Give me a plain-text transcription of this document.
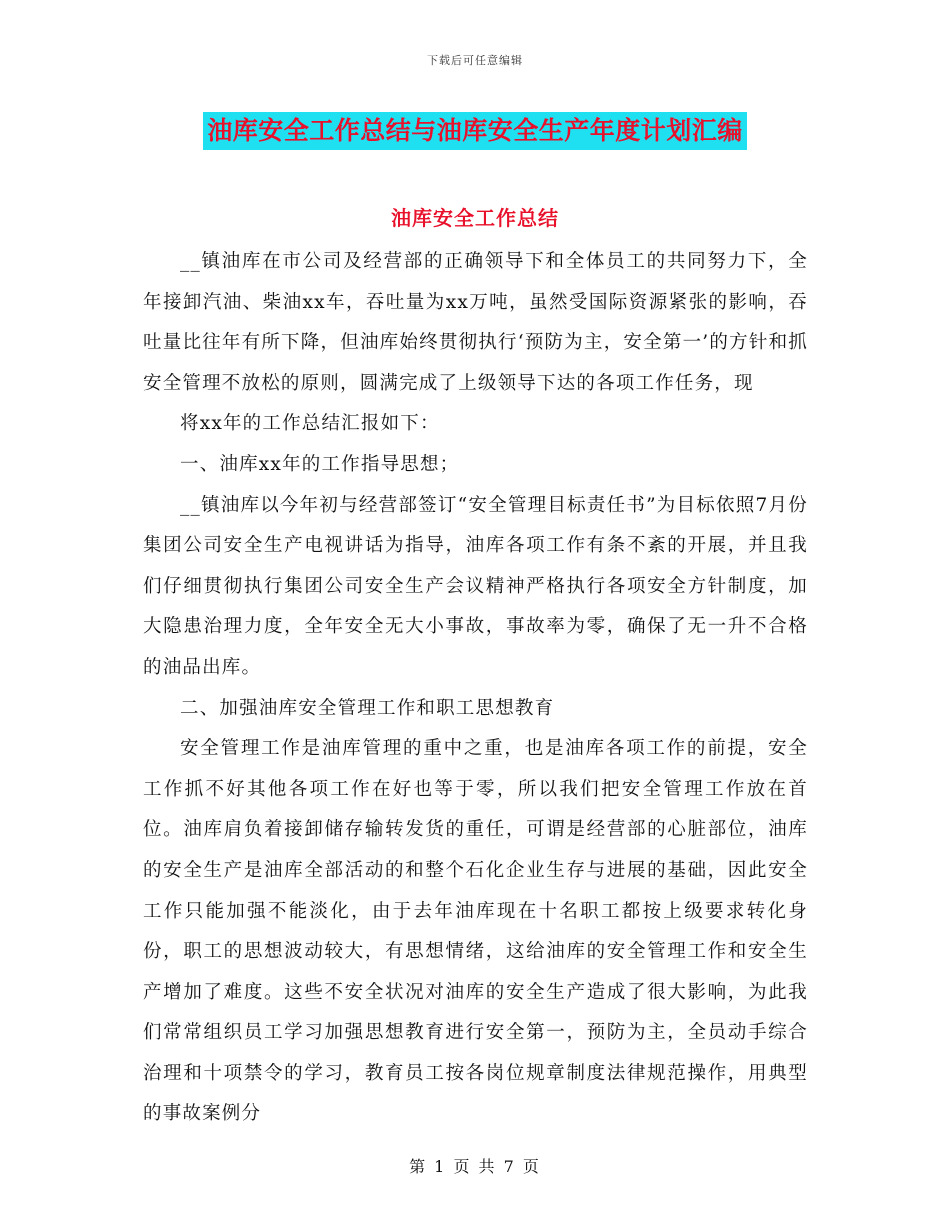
下载后可任意编辑
油库安全工作总结与油库安全生产年度计划汇编
油库安全工作总结

__镇油库在市公司及经营部的正确领导下和全体员工的共同努力下，全年接卸汽油、柴油xx车，吞吐量为xx万吨，虽然受国际资源紧张的影响，吞吐量比往年有所下降，但油库始终贯彻执行‘预防为主，安全第一’的方针和抓安全管理不放松的原则，圆满完成了上级领导下达的各项工作任务，现

将xx年的工作总结汇报如下：

一、油库xx年的工作指导思想；

__镇油库以今年初与经营部签订“安全管理目标责任书”为目标依照7月份集团公司安全生产电视讲话为指导，油库各项工作有条不紊的开展，并且我们仔细贯彻执行集团公司安全生产会议精神严格执行各项安全方针制度，加大隐患治理力度，全年安全无大小事故，事故率为零，确保了无一升不合格的油品出库。

二、加强油库安全管理工作和职工思想教育

安全管理工作是油库管理的重中之重，也是油库各项工作的前提，安全工作抓不好其他各项工作在好也等于零，所以我们把安全管理工作放在首位。油库肩负着接卸储存输转发货的重任，可谓是经营部的心脏部位，油库的安全生产是油库全部活动的和整个石化企业生存与进展的基础，因此安全工作只能加强不能淡化，由于去年油库现在十名职工都按上级要求转化身份，职工的思想波动较大，有思想情绪，这给油库的安全管理工作和安全生产增加了难度。这些不安全状况对油库的安全生产造成了很大影响，为此我们常常组织员工学习加强思想教育进行安全第一，预防为主，全员动手综合治理和十项禁令的学习，教育员工按各岗位规章制度法律规范操作，用典型的事故案例分

第 1 页 共 7 页
